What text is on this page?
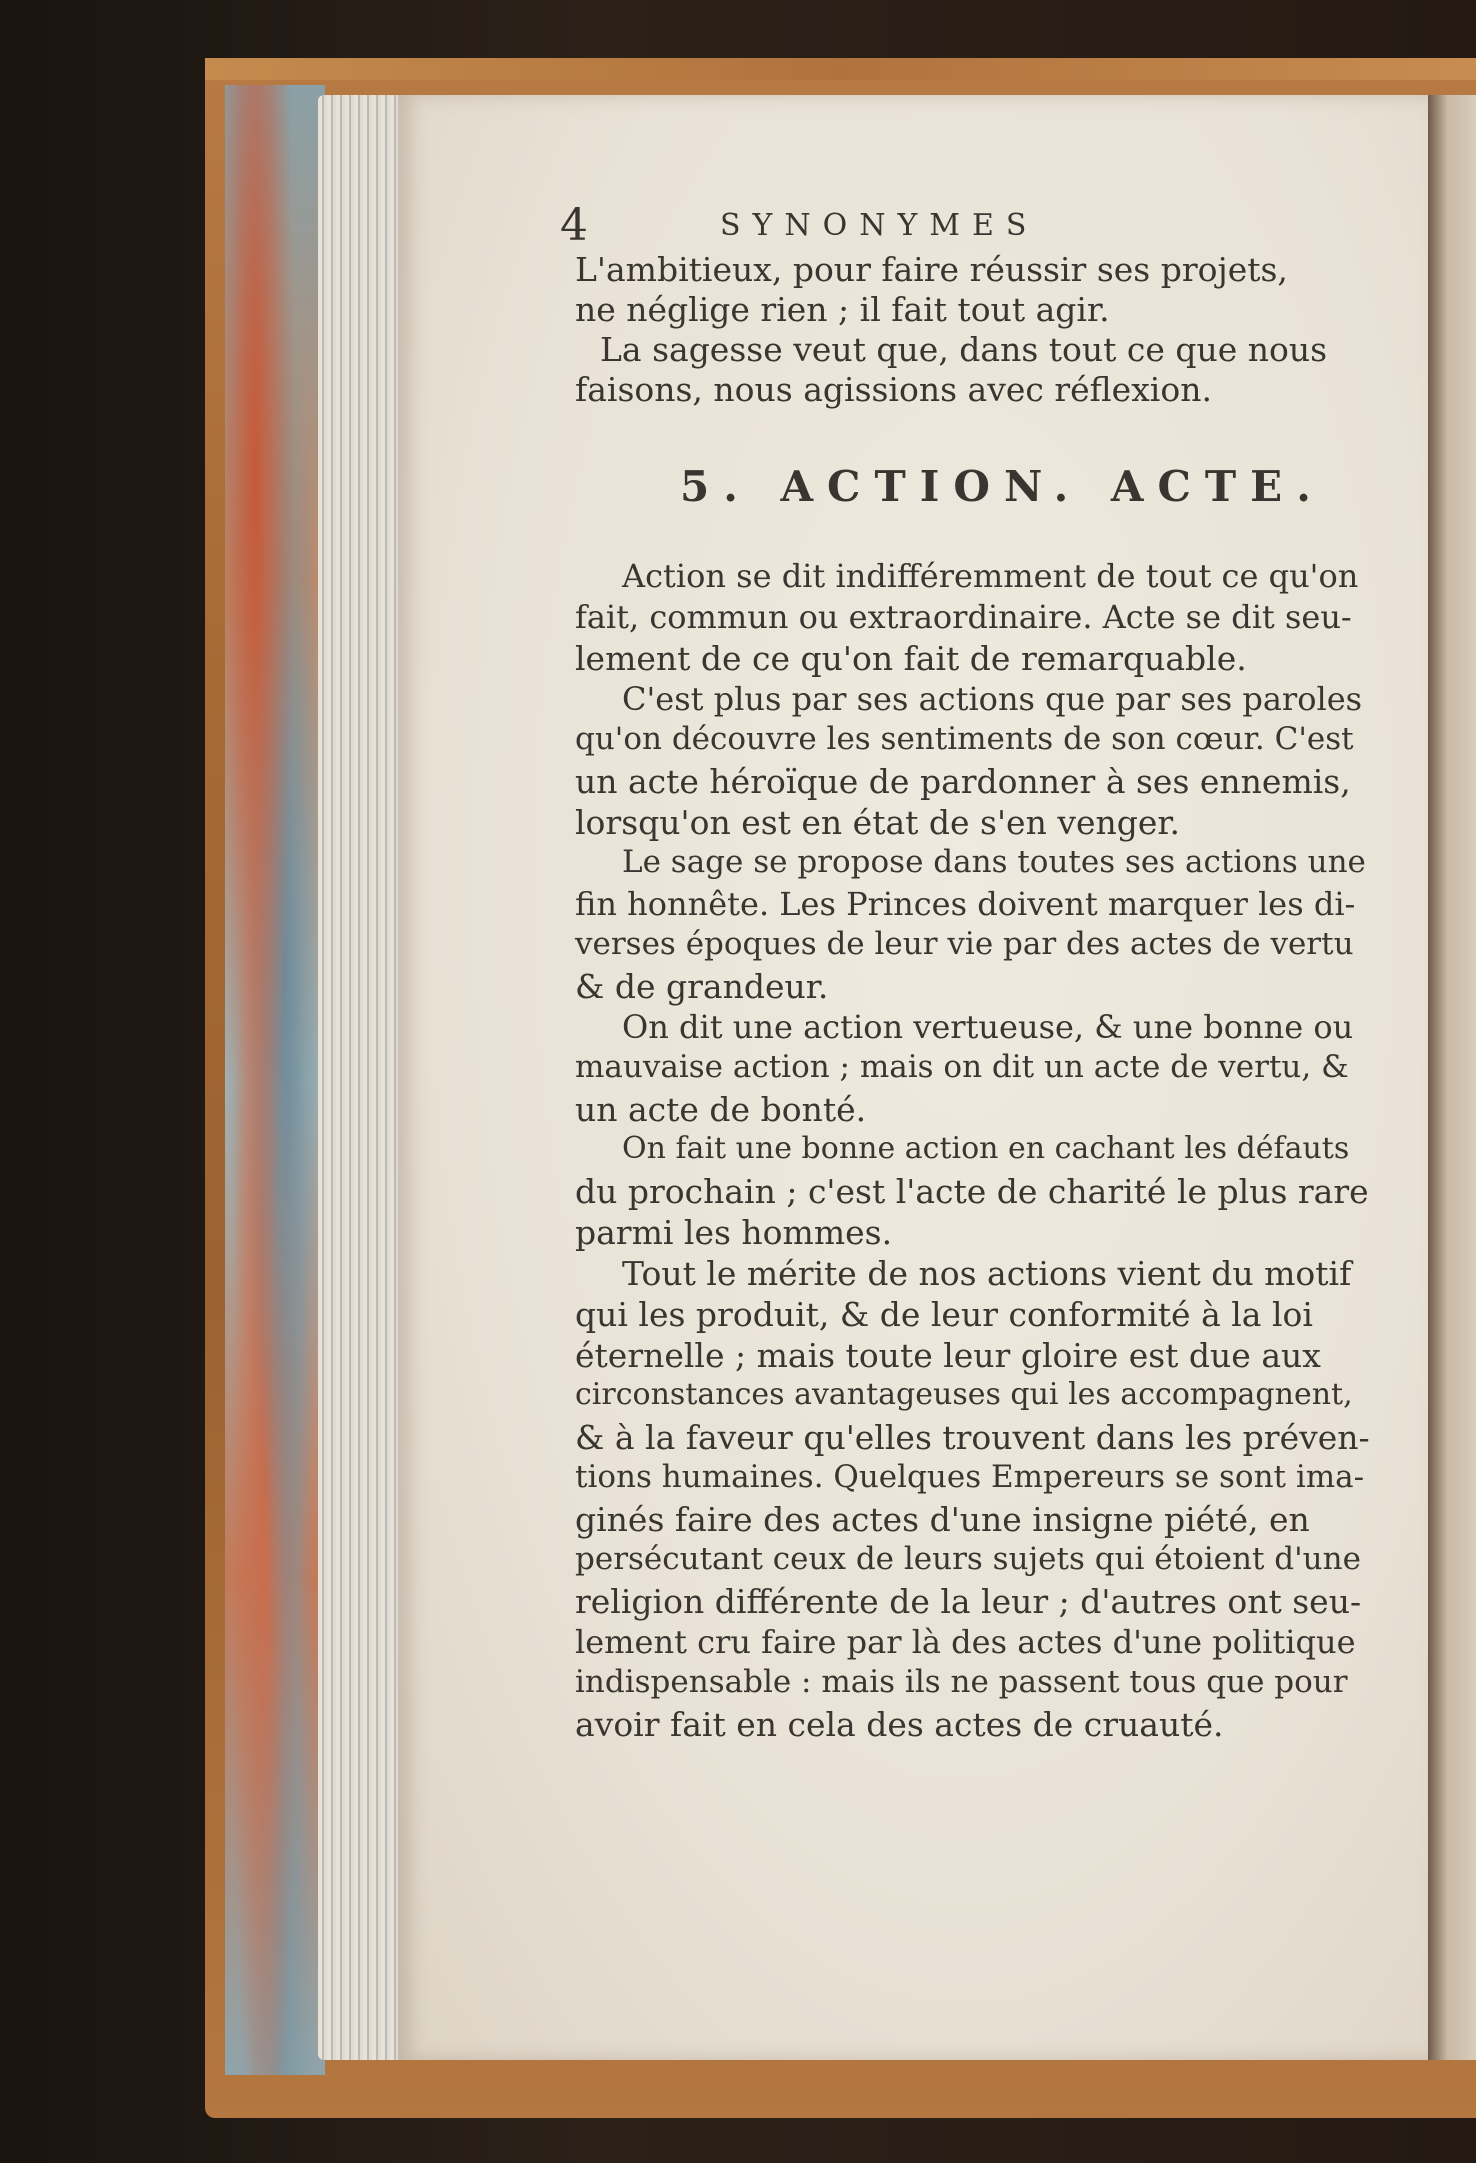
4	SYNONYMES
L'ambitieux, pour faire réussir ses projets,
ne néglige rien ; il fait tout agir.
La sagesse veut que, dans tout ce que nous
faisons, nous agissions avec réflexion.
5. ACTION. ACTE.
Action se dit indifféremment de tout ce qu'on
fait, commun ou extraordinaire. Acte se dit seu-
lement de ce qu'on fait de remarquable.
C'est plus par ses actions que par ses paroles
qu'on découvre les sentiments de son cœur. C'est
un acte héroïque de pardonner à ses ennemis,
lorsqu'on est en état de s'en venger.
Le sage se propose dans toutes ses actions une
fin honnête. Les Princes doivent marquer les di-
verses époques de leur vie par des actes de vertu
& de grandeur.
On dit une action vertueuse, & une bonne ou
mauvaise action ; mais on dit un acte de vertu, &
un acte de bonté.
On fait une bonne action en cachant les défauts
du prochain ; c'est l'acte de charité le plus rare
parmi les hommes.
Tout le mérite de nos actions vient du motif
qui les produit, & de leur conformité à la loi
éternelle ; mais toute leur gloire est due aux
circonstances avantageuses qui les accompagnent,
& à la faveur qu'elles trouvent dans les préven-
tions humaines. Quelques Empereurs se sont ima-
ginés faire des actes d'une insigne piété, en
persécutant ceux de leurs sujets qui étoient d'une
religion différente de la leur ; d'autres ont seu-
lement cru faire par là des actes d'une politique
indispensable : mais ils ne passent tous que pour
avoir fait en cela des actes de cruauté.
